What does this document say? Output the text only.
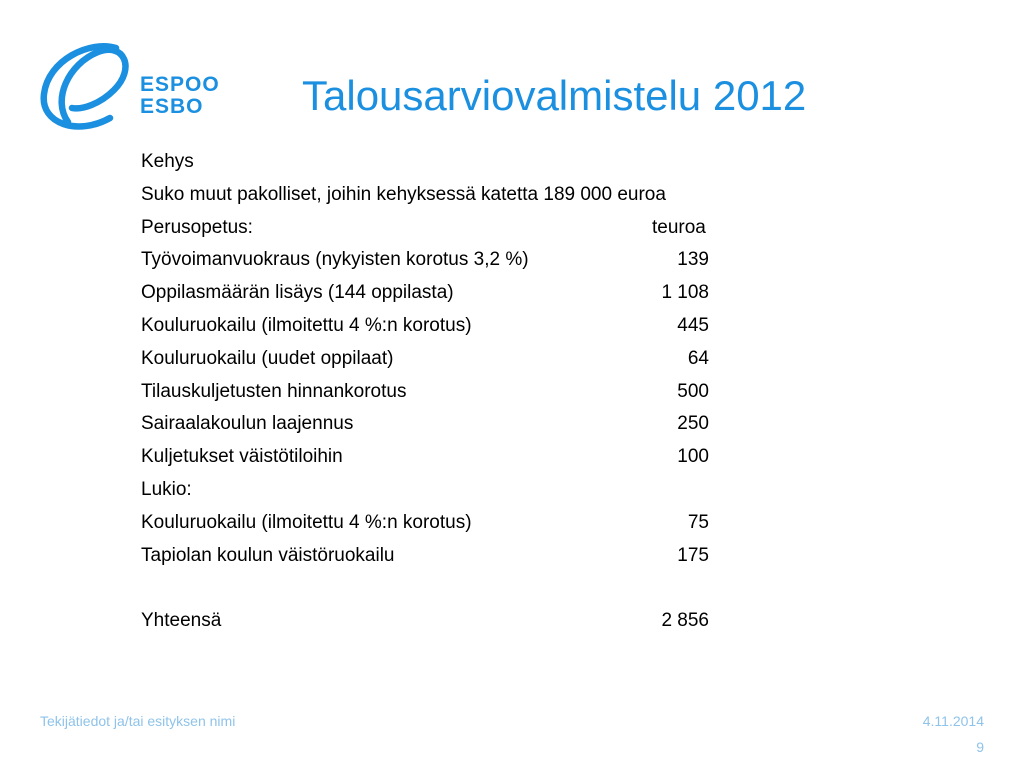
ESPOO
ESBO	Talousarviovalmistelu 2012
Kehys
Suko muut pakolliset, joihin kehyksessä katetta 189 000 euroa
Perusopetus:	teuroa
Työvoimanvuokraus (nykyisten korotus 3,2 %)	139
Oppilasmäärän lisäys (144 oppilasta)	1 108
Kouluruokailu (ilmoitettu 4 %:n korotus)	445
Kouluruokailu (uudet oppilaat)	64
Tilauskuljetusten hinnankorotus	500
Sairaalakoulun laajennus	250
Kuljetukset väistötiloihin	100
Lukio:
Kouluruokailu (ilmoitettu 4 %:n korotus)	75
Tapiolan koulun väistöruokailu	175
Yhteensä	2 856
Tekijätiedot ja/tai esityksen nimi	4.11.2014
9
